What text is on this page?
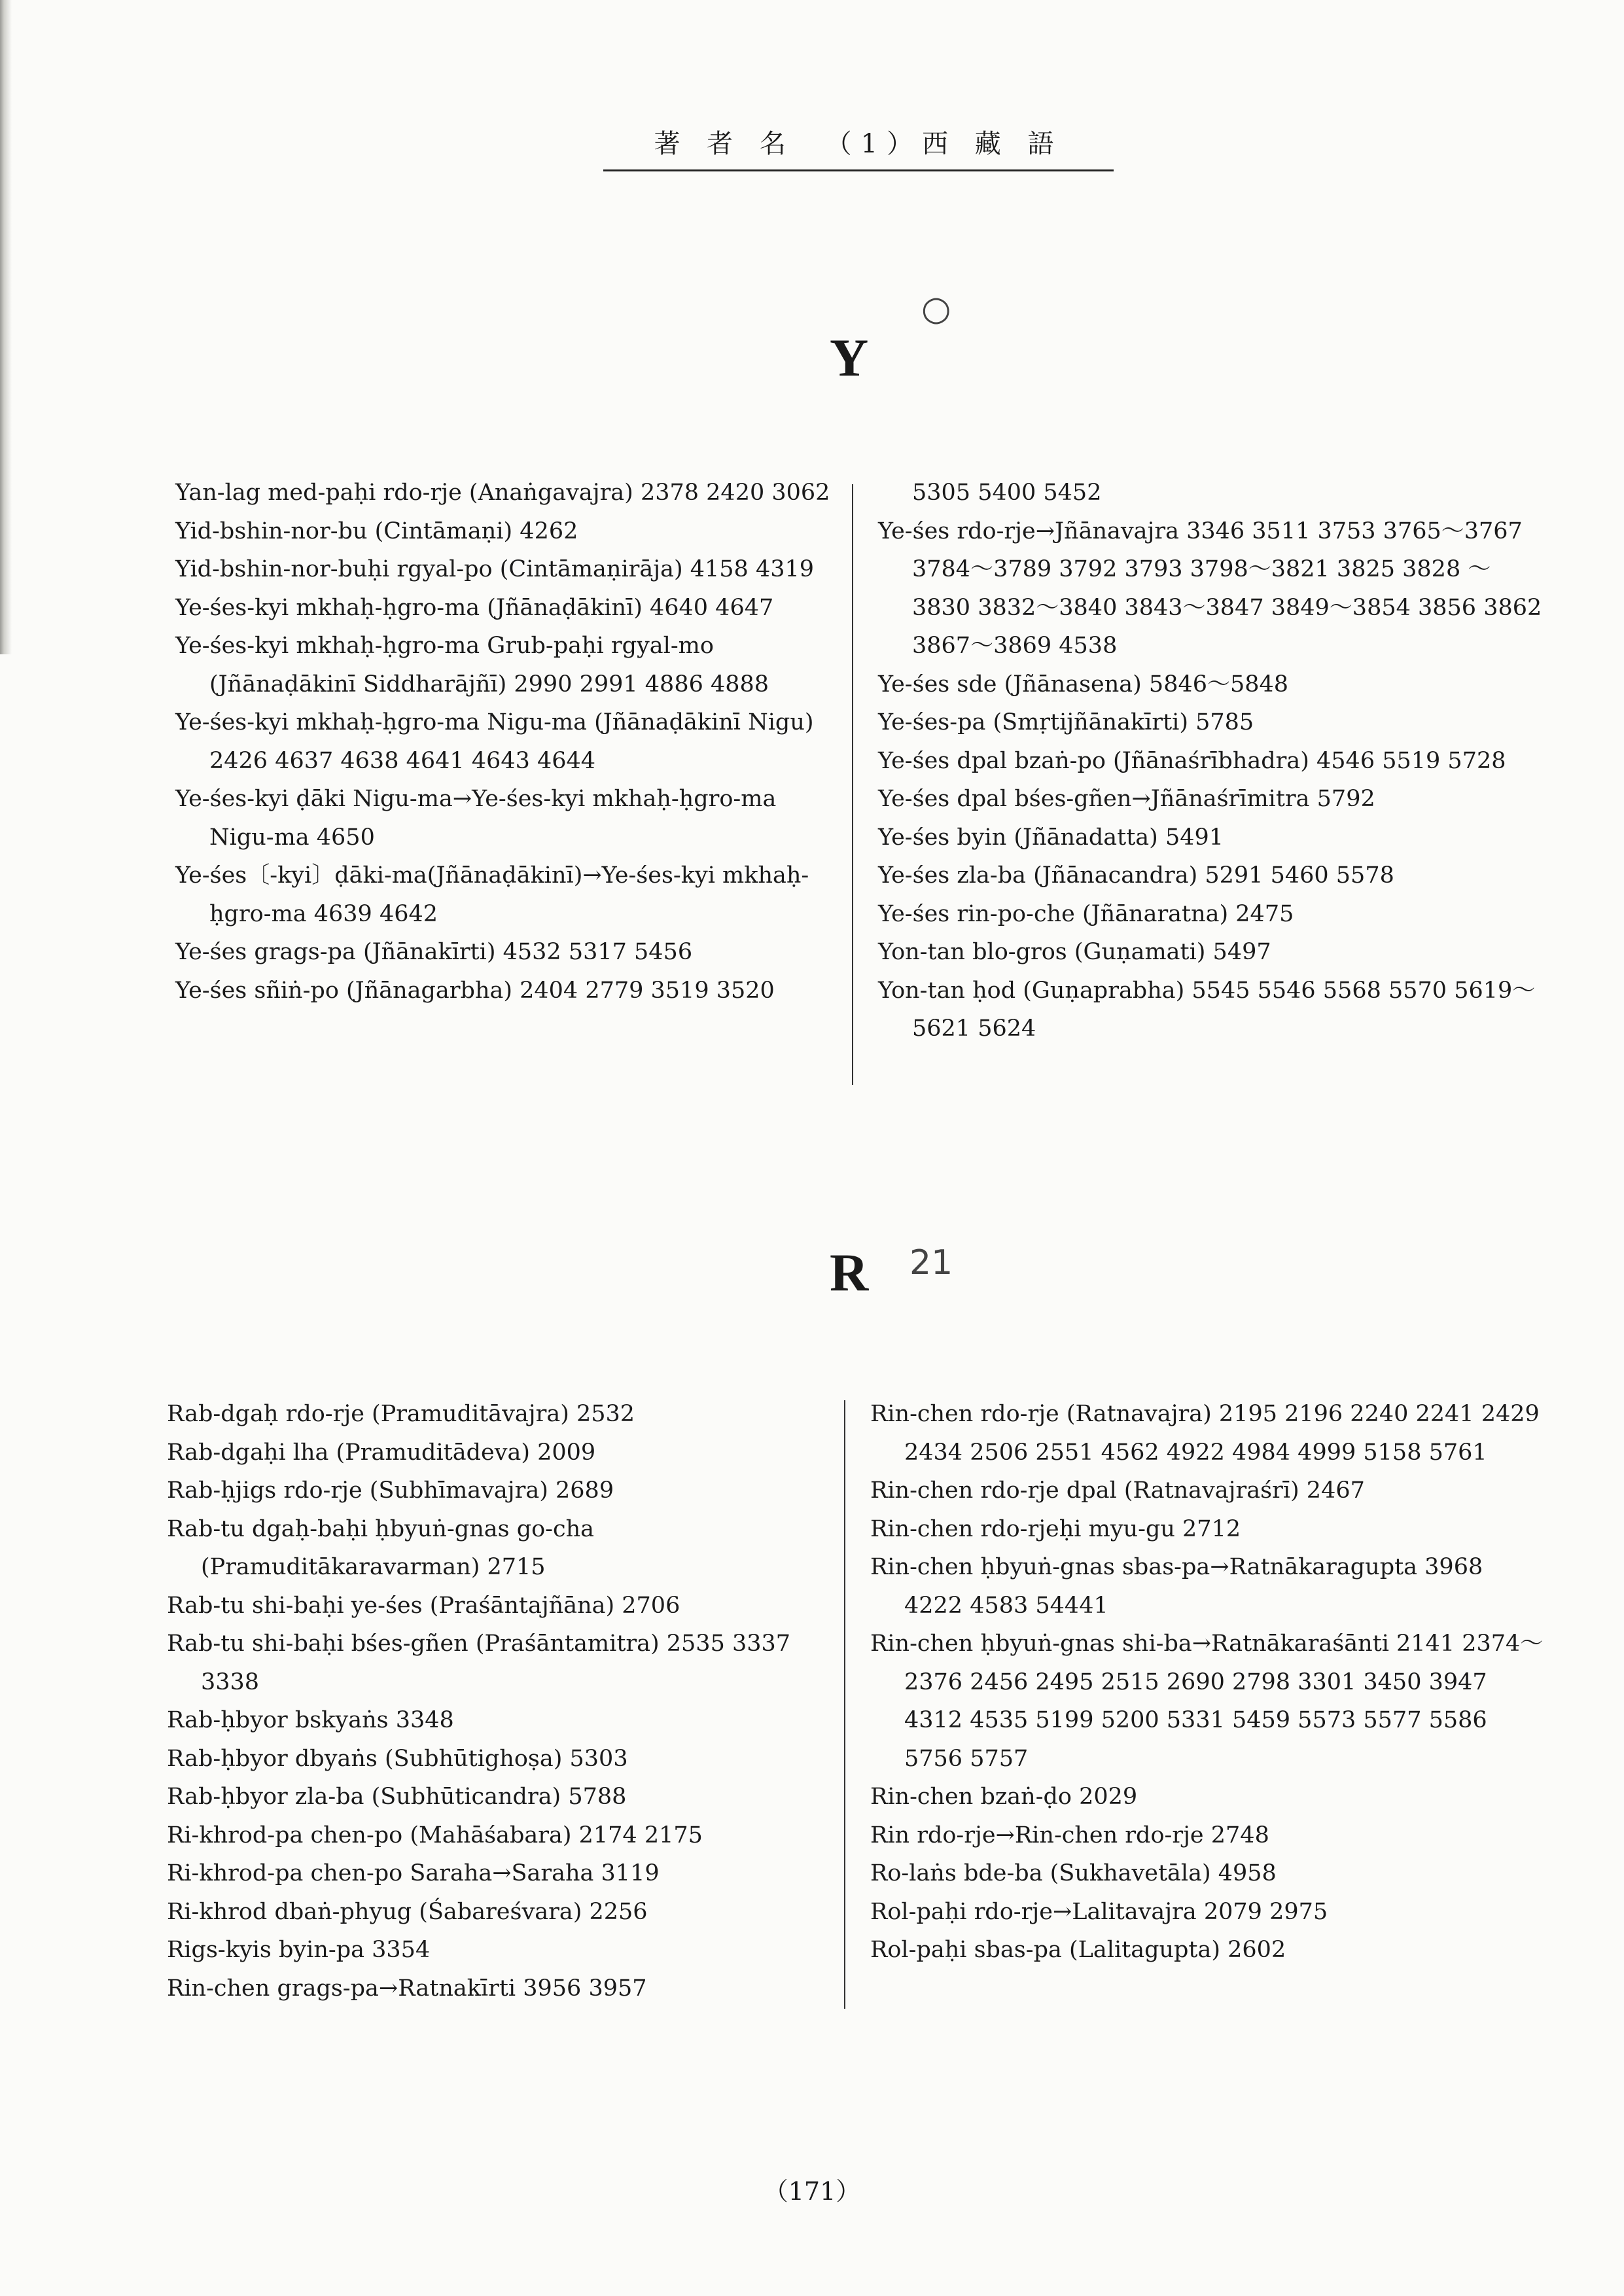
著 者 名 （1）西 藏 語
Y
○
Yan-lag med-paḥi rdo-rje (Anaṅgavajra) 2378 2420 3062
Yid-bshin-nor-bu (Cintāmaṇi) 4262
Yid-bshin-nor-buḥi rgyal-po (Cintāmaṇirāja) 4158 4319
Ye-śes-kyi mkhaḥ-ḥgro-ma (Jñānaḍākinī) 4640 4647
Ye-śes-kyi mkhaḥ-ḥgro-ma Grub-paḥi rgyal-mo (Jñānaḍākinī Siddharājñī) 2990 2991 4886 4888
Ye-śes-kyi mkhaḥ-ḥgro-ma Nigu-ma (Jñānaḍākinī Nigu) 2426 4637 4638 4641 4643 4644
Ye-śes-kyi ḍāki Nigu-ma→Ye-śes-kyi mkhaḥ-ḥgro-ma Nigu-ma 4650
Ye-śes〔-kyi〕ḍāki-ma(Jñānaḍākinī)→Ye-śes-kyi mkhaḥ-ḥgro-ma 4639 4642
Ye-śes grags-pa (Jñānakīrti) 4532 5317 5456
Ye-śes sñiṅ-po (Jñānagarbha) 2404 2779 3519 3520
5305 5400 5452
Ye-śes rdo-rje→Jñānavajra 3346 3511 3753 3765～3767 3784～3789 3792 3793 3798～3821 3825 3828 ～3830 3832～3840 3843～3847 3849～3854 3856 3862 3867～3869 4538
Ye-śes sde (Jñānasena) 5846～5848
Ye-śes-pa (Smṛtijñānakīrti) 5785
Ye-śes dpal bzaṅ-po (Jñānaśrībhadra) 4546 5519 5728
Ye-śes dpal bśes-gñen→Jñānaśrīmitra 5792
Ye-śes byin (Jñānadatta) 5491
Ye-śes zla-ba (Jñānacandra) 5291 5460 5578
Ye-śes rin-po-che (Jñānaratna) 2475
Yon-tan blo-gros (Guṇamati) 5497
Yon-tan ḥod (Guṇaprabha) 5545 5546 5568 5570 5619～5621 5624
R 21
Rab-dgaḥ rdo-rje (Pramuditāvajra) 2532
Rab-dgaḥi lha (Pramuditādeva) 2009
Rab-ḥjigs rdo-rje (Subhīmavajra) 2689
Rab-tu dgaḥ-baḥi ḥbyuṅ-gnas go-cha (Pramuditākaravarman) 2715
Rab-tu shi-baḥi ye-śes (Praśāntajñāna) 2706
Rab-tu shi-baḥi bśes-gñen (Praśāntamitra) 2535 3337 3338
Rab-ḥbyor bskyaṅs 3348
Rab-ḥbyor dbyaṅs (Subhūtighoṣa) 5303
Rab-ḥbyor zla-ba (Subhūticandra) 5788
Ri-khrod-pa chen-po (Mahāśabara) 2174 2175
Ri-khrod-pa chen-po Saraha→Saraha 3119
Ri-khrod dbaṅ-phyug (Śabareśvara) 2256
Rigs-kyis byin-pa 3354
Rin-chen grags-pa→Ratnakīrti 3956 3957
Rin-chen rdo-rje (Ratnavajra) 2195 2196 2240 2241 2429 2434 2506 2551 4562 4922 4984 4999 5158 5761
Rin-chen rdo-rje dpal (Ratnavajraśrī) 2467
Rin-chen rdo-rjeḥi myu-gu 2712
Rin-chen ḥbyuṅ-gnas sbas-pa→Ratnākaragupta 3968 4222 4583 54441
Rin-chen ḥbyuṅ-gnas shi-ba→Ratnākaraśānti 2141 2374～2376 2456 2495 2515 2690 2798 3301 3450 3947 4312 4535 5199 5200 5331 5459 5573 5577 5586 5756 5757
Rin-chen bzaṅ-ḍo 2029
Rin rdo-rje→Rin-chen rdo-rje 2748
Ro-laṅs bde-ba (Sukhavetāla) 4958
Rol-paḥi rdo-rje→Lalitavajra 2079 2975
Rol-paḥi sbas-pa (Lalitagupta) 2602
（171）
